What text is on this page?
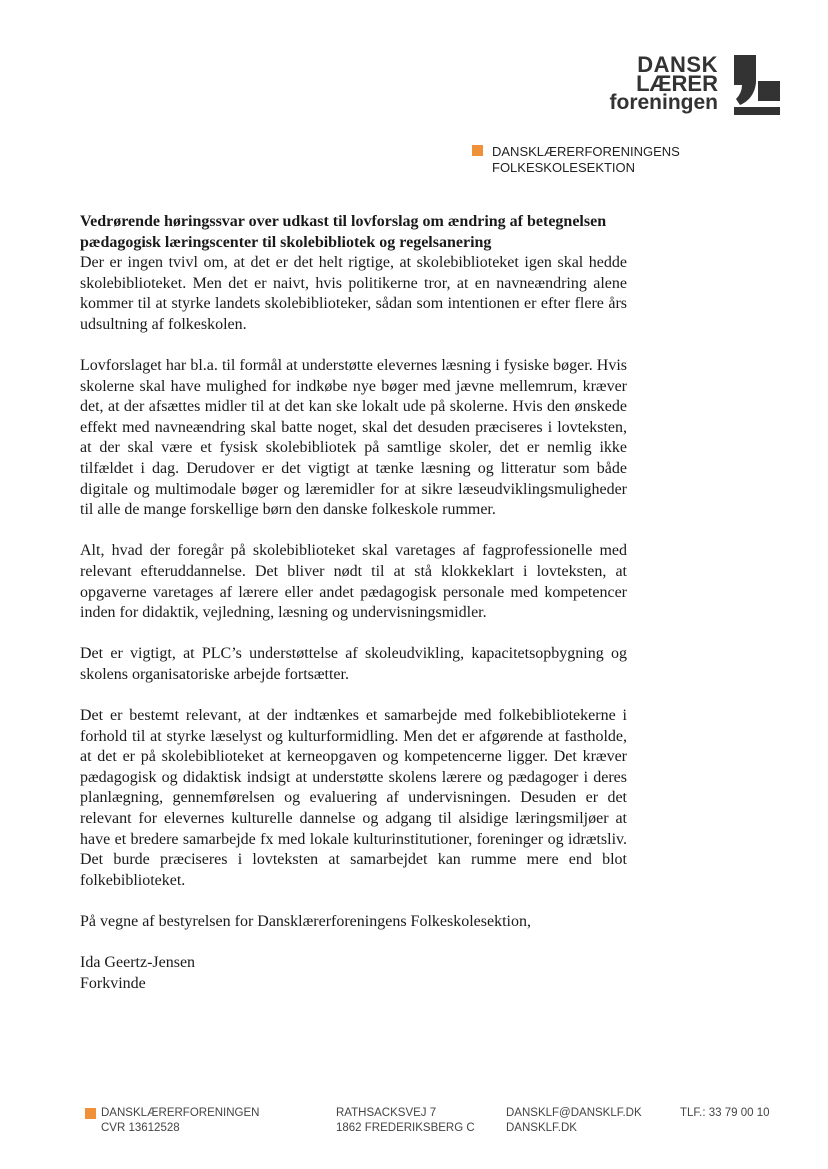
DANSK
LÆRER
foreningen
DANSKLÆRERFORENINGENS
FOLKESKOLESEKTION
Vedrørende høringssvar over udkast til lovforslag om ændring af betegnelsen pædagogisk læringscenter til skolebibliotek og regelsanering

Der er ingen tvivl om, at det er det helt rigtige, at skolebiblioteket igen skal hedde skolebiblioteket. Men det er naivt, hvis politikerne tror, at en navneændring alene kommer til at styrke landets skolebiblioteker, sådan som intentionen er efter flere års udsultning af folkeskolen.

Lovforslaget har bl.a. til formål at understøtte elevernes læsning i fysiske bøger. Hvis skolerne skal have mulighed for indkøbe nye bøger med jævne mellemrum, kræver det, at der afsættes midler til at det kan ske lokalt ude på skolerne. Hvis den ønskede effekt med navneændring skal batte noget, skal det desuden præciseres i lovteksten, at der skal være et fysisk skolebibliotek på samtlige skoler, det er nemlig ikke tilfældet i dag. Derudover er det vigtigt at tænke læsning og litteratur som både digitale og multimodale bøger og læremidler for at sikre læseudviklingsmuligheder til alle de mange forskellige børn den danske folkeskole rummer.

Alt, hvad der foregår på skolebiblioteket skal varetages af fagprofessionelle med relevant efteruddannelse. Det bliver nødt til at stå klokkeklart i lovteksten, at opgaverne varetages af lærere eller andet pædagogisk personale med kompetencer inden for didaktik, vejledning, læsning og undervisningsmidler.

Det er vigtigt, at PLC’s understøttelse af skoleudvikling, kapacitetsopbygning og skolens organisatoriske arbejde fortsætter.

Det er bestemt relevant, at der indtænkes et samarbejde med folkebibliotekerne i forhold til at styrke læselyst og kulturformidling. Men det er afgørende at fastholde, at det er på skolebiblioteket at kerneopgaven og kompetencerne ligger. Det kræver pædagogisk og didaktisk indsigt at understøtte skolens lærere og pædagoger i deres planlægning, gennemførelsen og evaluering af undervisningen. Desuden er det relevant for elevernes kulturelle dannelse og adgang til alsidige læringsmiljøer at have et bredere samarbejde fx med lokale kulturinstitutioner, foreninger og idrætsliv. Det burde præciseres i lovteksten at samarbejdet kan rumme mere end blot folkebiblioteket.

På vegne af bestyrelsen for Dansklærerforeningens Folkeskolesektion,

Ida Geertz-Jensen
Forkvinde
DANSKLÆRERFORENINGEN
CVR 13612528
RATHSACKSVEJ 7
1862 FREDERIKSBERG C
DANSKLF@DANSKLF.DK
DANSKLF.DK
TLF.: 33 79 00 10
